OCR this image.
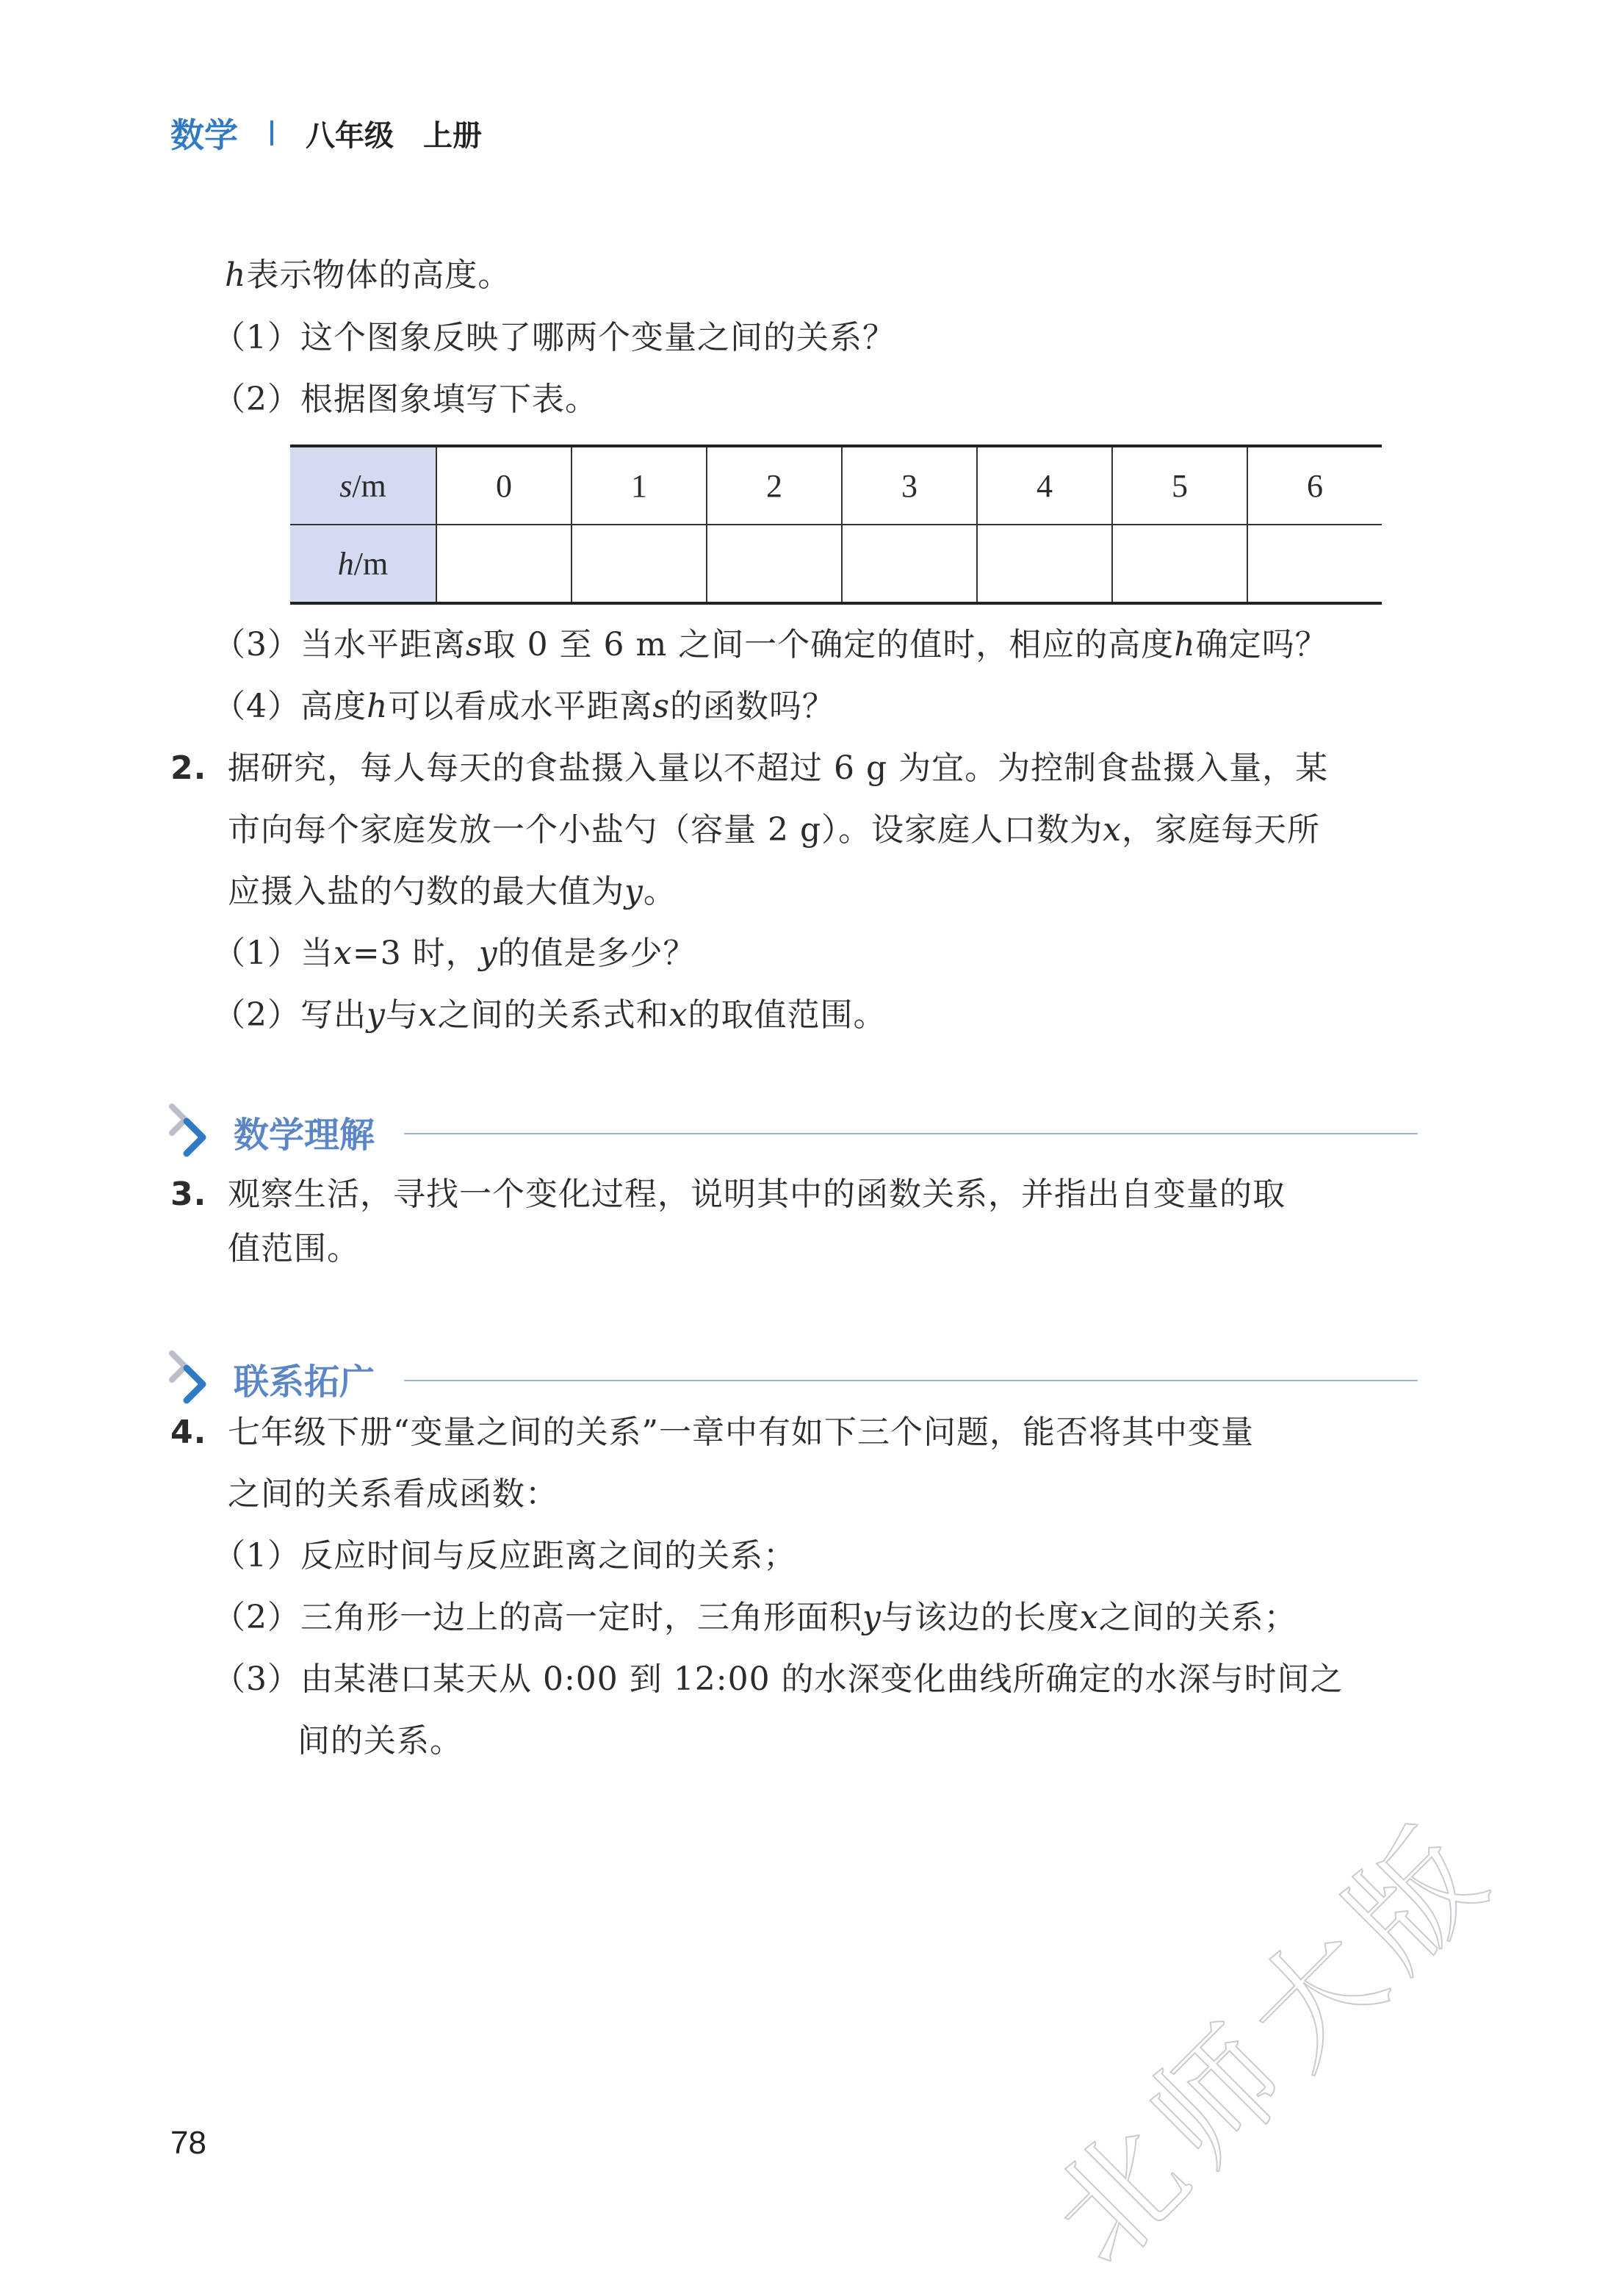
数学 八年级 上册
h表示物体的高度。
（1）这个图象反映了哪两个变量之间的关系？
（2）根据图象填写下表。
s/m	0	1	2	3	4	5	6
h/m							
（3）当水平距离s取 0 至 6 m 之间一个确定的值时，相应的高度h确定吗？
（4）高度h可以看成水平距离s的函数吗？
2. 据研究，每人每天的食盐摄入量以不超过 6 g 为宜。为控制食盐摄入量，某
市向每个家庭发放一个小盐勺（容量 2 g）。设家庭人口数为x，家庭每天所
应摄入盐的勺数的最大值为y。
（1）当x=3 时，y的值是多少？
（2）写出y与x之间的关系式和x的取值范围。
数学理解
3. 观察生活，寻找一个变化过程，说明其中的函数关系，并指出自变量的取
值范围。
联系拓广
4. 七年级下册“变量之间的关系”一章中有如下三个问题，能否将其中变量
之间的关系看成函数：
（1）反应时间与反应距离之间的关系；
（2）三角形一边上的高一定时，三角形面积y与该边的长度x之间的关系；
（3）由某港口某天从 0:00 到 12:00 的水深变化曲线所确定的水深与时间之
间的关系。
78	北师大版
